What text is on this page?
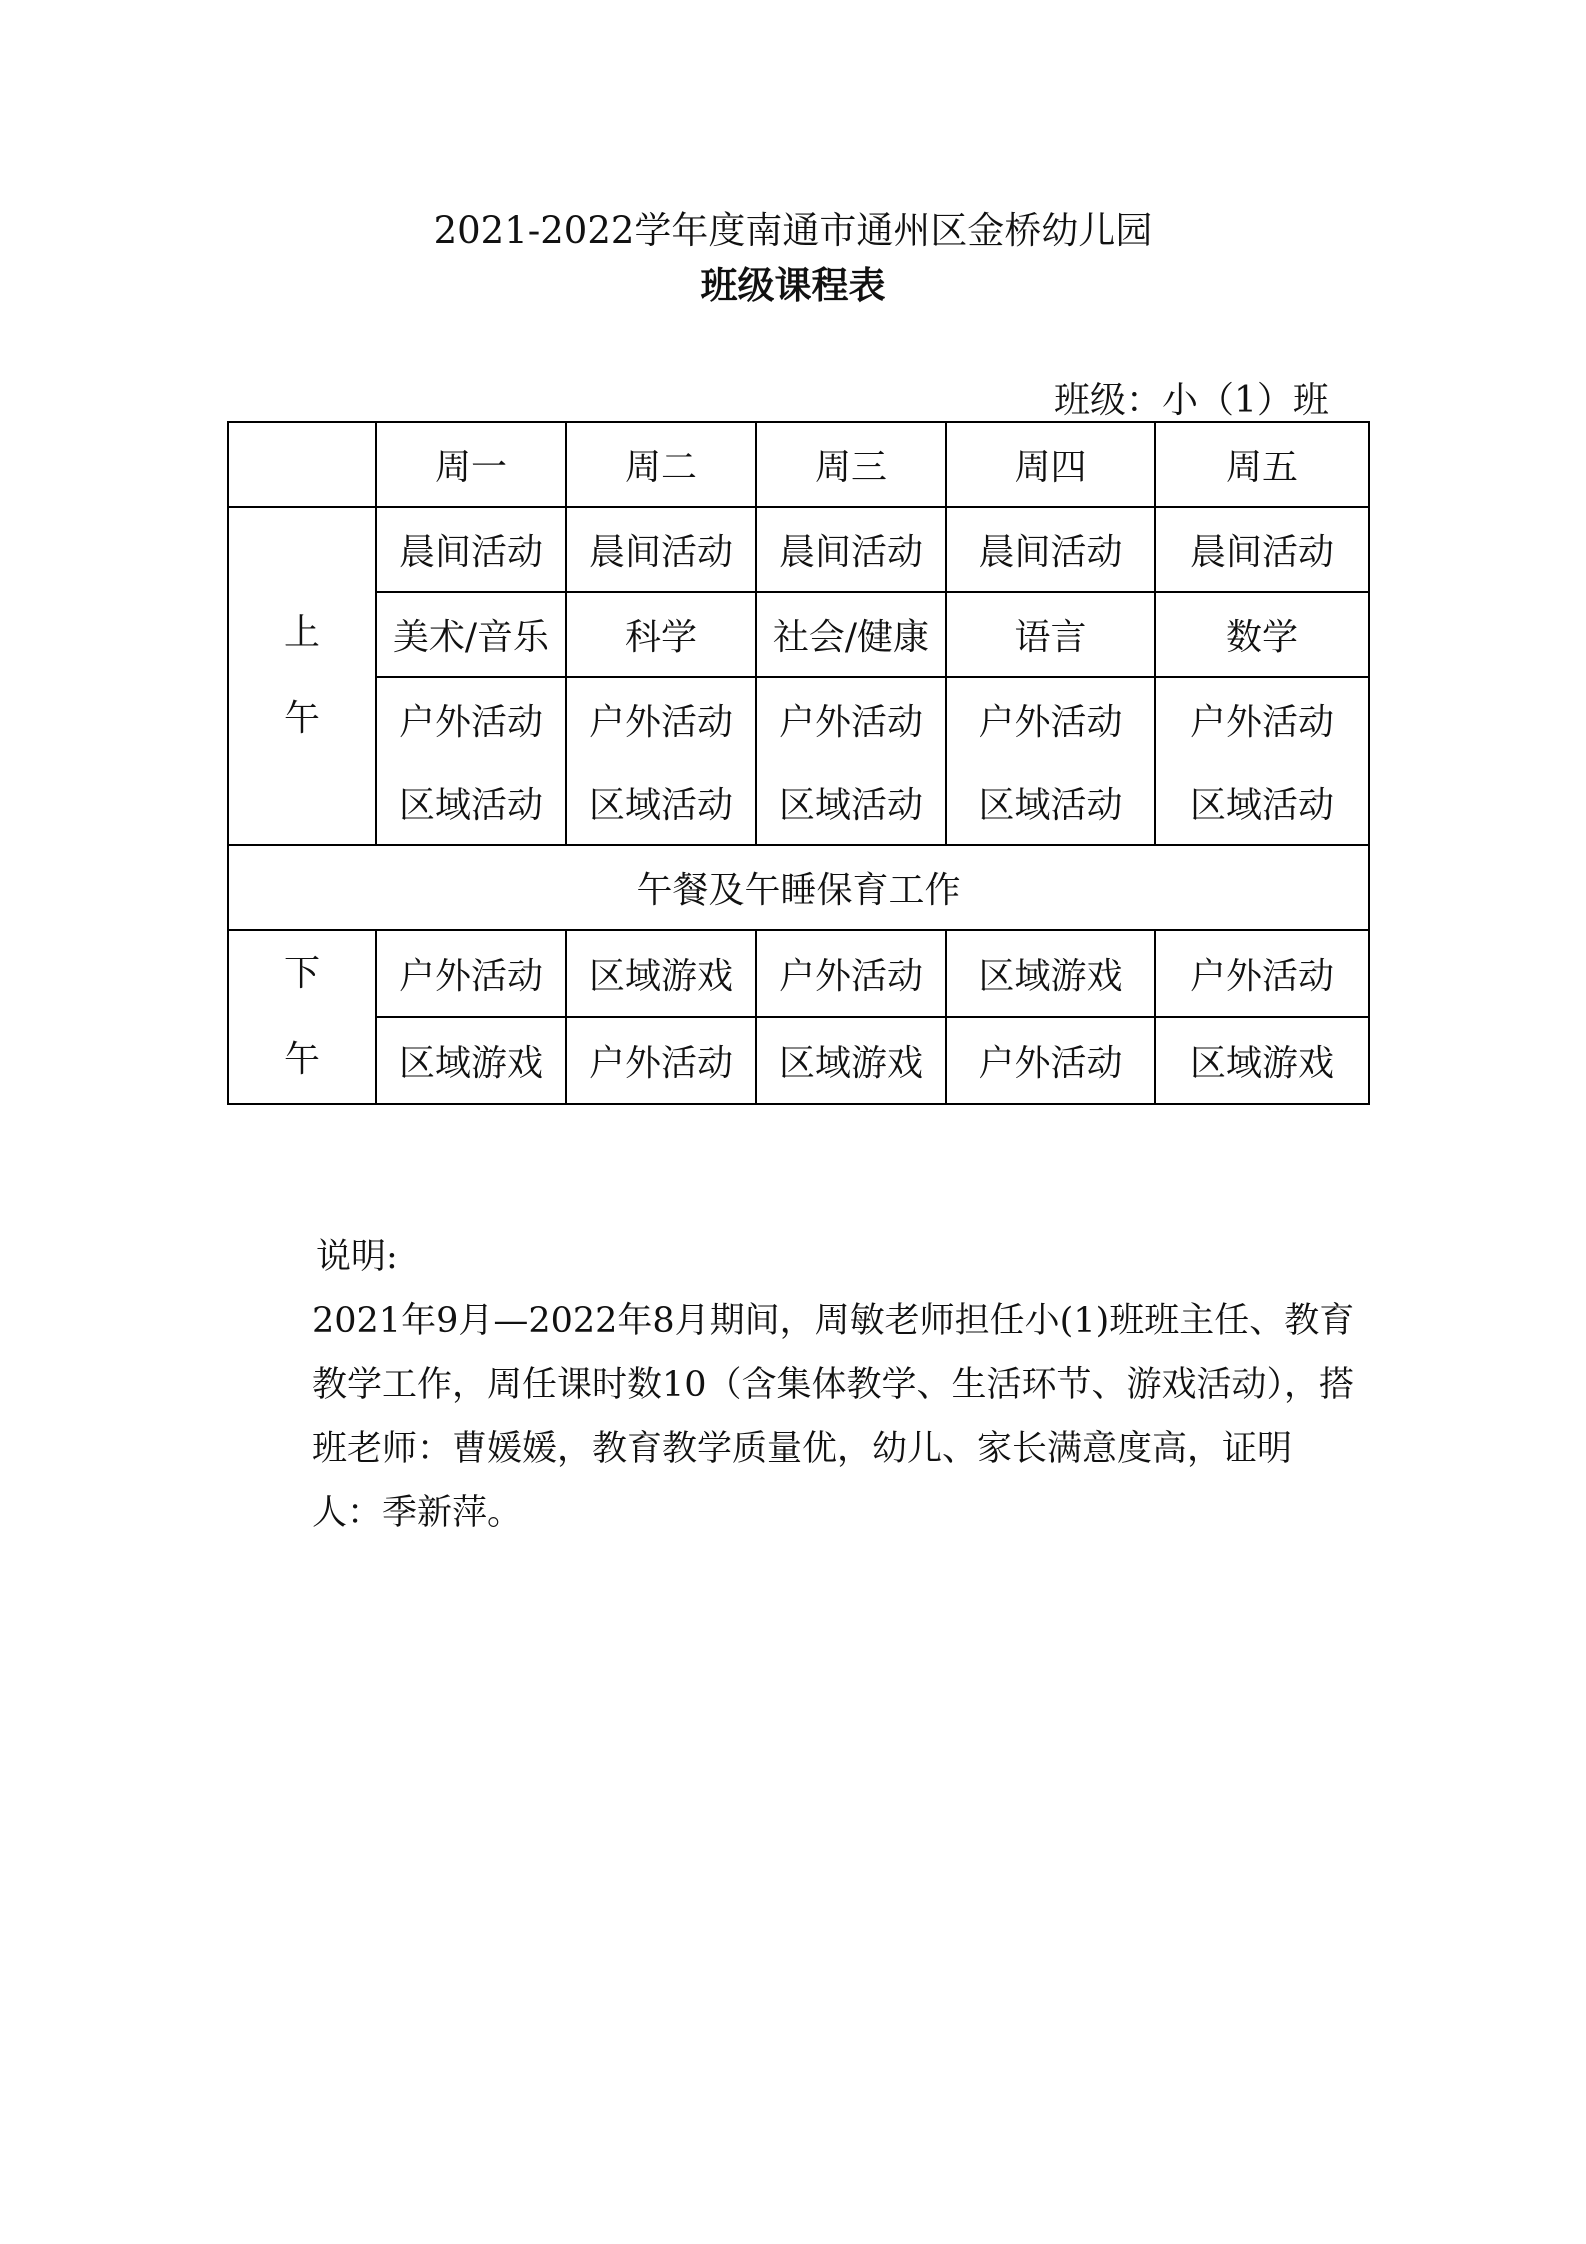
2021-2022学年度南通市通州区金桥幼儿园
班级课程表
班级：小（1）班
	周一	周二	周三	周四	周五

上
午	晨间活动	晨间活动	晨间活动	晨间活动	晨间活动
	美术/音乐	科学	社会/健康	语言	数学
	户外活动	户外活动	户外活动	户外活动	户外活动
	区域活动	区域活动	区域活动	区域活动	区域活动
午餐及午睡保育工作					

下
午	户外活动	区域游戏	户外活动	区域游戏	户外活动
	区域游戏	户外活动	区域游戏	户外活动	区域游戏
说明:
2021年9月—2022年8月期间，周敏老师担任小(1)班班主任、教育教学工作，周任课时数10（含集体教学、生活环节、游戏活动），搭班老师：曹媛媛，教育教学质量优，幼儿、家长满意度高，证明人：季新萍。
